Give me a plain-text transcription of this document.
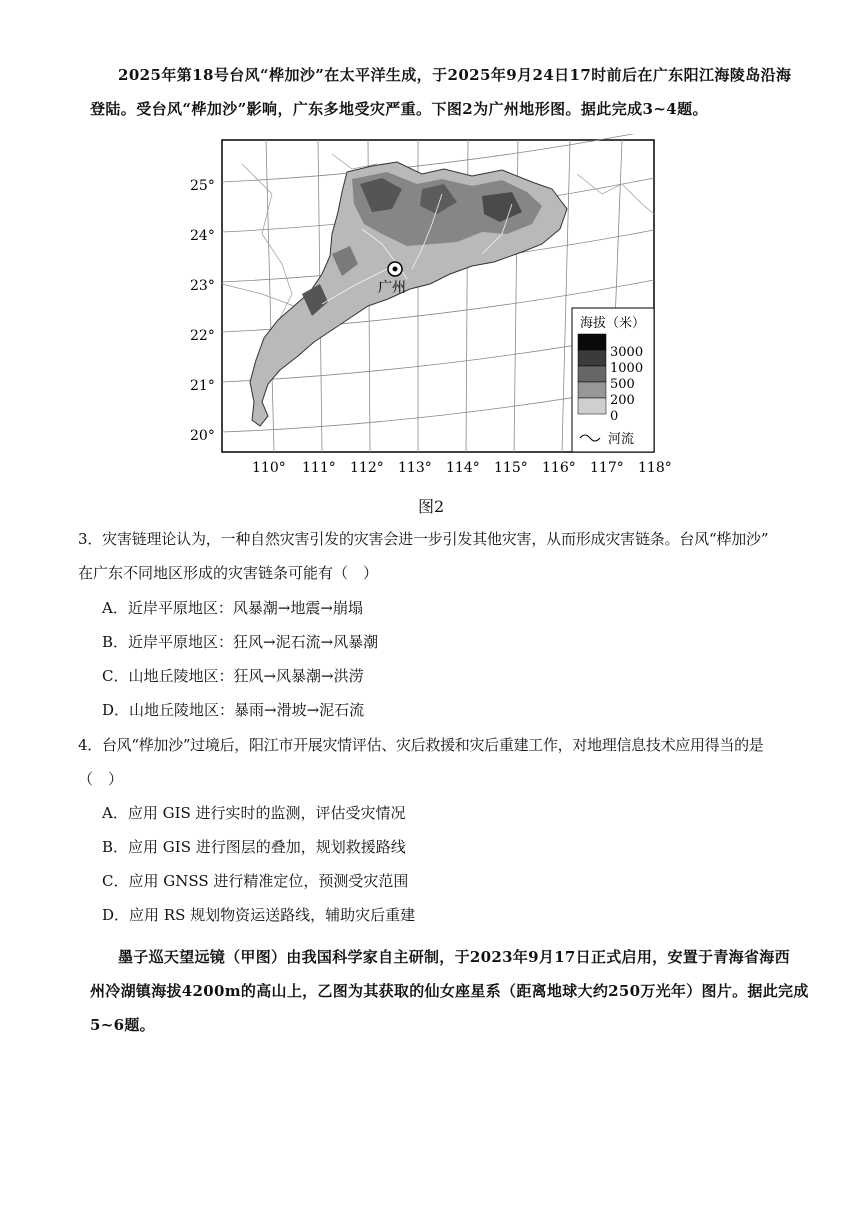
2025年第18号台风“桦加沙”在太平洋生成，于2025年9月24日17时前后在广东阳江海陵岛沿海
登陆。受台风“桦加沙”影响，广东多地受灾严重。下图2为广州地形图。据此完成3~4题。
广州
25°
24°
23°
22°
21°
20°
110° 111° 112° 113° 114° 115° 116° 117° 118°
海拔（米）
3000
1000
500
200
0
河流
图2
3．灾害链理论认为，一种自然灾害引发的灾害会进一步引发其他灾害，从而形成灾害链条。台风“桦加沙”
在广东不同地区形成的灾害链条可能有（　）
A．近岸平原地区：风暴潮→地震→崩塌
B．近岸平原地区：狂风→泥石流→风暴潮
C．山地丘陵地区：狂风→风暴潮→洪涝
D．山地丘陵地区：暴雨→滑坡→泥石流
4．台风“桦加沙”过境后，阳江市开展灾情评估、灾后救援和灾后重建工作，对地理信息技术应用得当的是
（　）
A．应用 GIS 进行实时的监测，评估受灾情况
B．应用 GIS 进行图层的叠加，规划救援路线
C．应用 GNSS 进行精准定位，预测受灾范围
D．应用 RS 规划物资运送路线，辅助灾后重建
墨子巡天望远镜（甲图）由我国科学家自主研制，于2023年9月17日正式启用，安置于青海省海西
州冷湖镇海拔4200m的高山上，乙图为其获取的仙女座星系（距离地球大约250万光年）图片。据此完成
5~6题。
